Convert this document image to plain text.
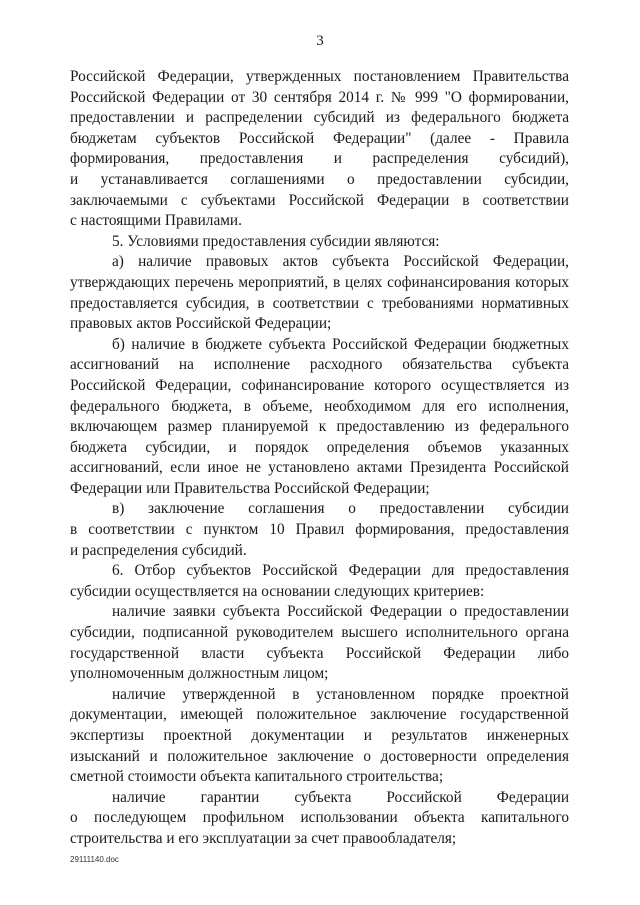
3

Российской Федерации, утвержденных постановлением Правительства

Российской Федерации от 30 сентября 2014 г. № 999 "О формировании,

предоставлении и распределении субсидий из федерального бюджета

бюджетам субъектов Российской Федерации" (далее - Правила

формирования, предоставления и распределения субсидий),

и устанавливается соглашениями о предоставлении субсидии,

заключаемыми с субъектами Российской Федерации в соответствии

с настоящими Правилами.

5. Условиями предоставления субсидии являются:

а) наличие правовых актов субъекта Российской Федерации,

утверждающих перечень мероприятий, в целях софинансирования которых

предоставляется субсидия, в соответствии с требованиями нормативных

правовых актов Российской Федерации;

б) наличие в бюджете субъекта Российской Федерации бюджетных

ассигнований на исполнение расходного обязательства субъекта

Российской Федерации, софинансирование которого осуществляется из

федерального бюджета, в объеме, необходимом для его исполнения,

включающем размер планируемой к предоставлению из федерального

бюджета субсидии, и порядок определения объемов указанных

ассигнований, если иное не установлено актами Президента Российской

Федерации или Правительства Российской Федерации;

в) заключение соглашения о предоставлении субсидии

в соответствии с пунктом 10 Правил формирования, предоставления

и распределения субсидий.

6. Отбор субъектов Российской Федерации для предоставления

субсидии осуществляется на основании следующих критериев:

наличие заявки субъекта Российской Федерации о предоставлении

субсидии, подписанной руководителем высшего исполнительного органа

государственной власти субъекта Российской Федерации либо

уполномоченным должностным лицом;

наличие утвержденной в установленном порядке проектной

документации, имеющей положительное заключение государственной

экспертизы проектной документации и результатов инженерных

изысканий и положительное заключение о достоверности определения

сметной стоимости объекта капитального строительства;

наличие гарантии субъекта Российской Федерации

о последующем профильном использовании объекта капитального

строительства и его эксплуатации за счет правообладателя;

29111140.doc
